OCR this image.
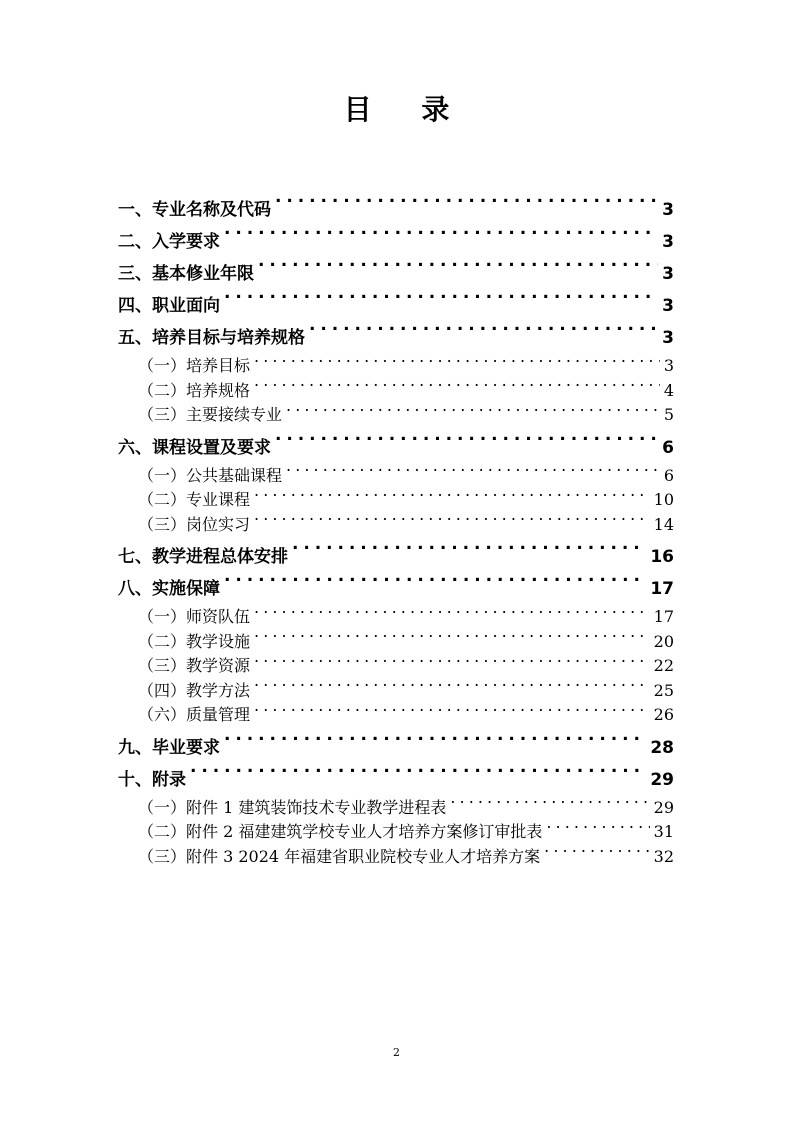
目 录
一、专业名称及代码 . . .	3
二、入学要求 . . .	3
三、基本修业年限 . . .	3
四、职业面向 . . .	3
五、培养目标与培养规格 . . .	3
（一）培养目标 . . .	3
（二）培养规格 . . .	4
（三）主要接续专业 . . .	5
六、课程设置及要求 . . .	6
（一）公共基础课程 . . .	6
（二）专业课程 . . .	10
（三）岗位实习 . . .	14
七、教学进程总体安排 . . .	16
八、实施保障 . . .	17
（一）师资队伍 . . .	17
（二）教学设施 . . .	20
（三）教学资源 . . .	22
（四）教学方法 . . .	25
（六）质量管理 . . .	26
九、毕业要求 . . .	28
十、附录 . . .	29
（一）附件 1 建筑装饰技术专业教学进程表 . . .	29
（二）附件 2 福建建筑学校专业人才培养方案修订审批表 . . .	31
（三）附件 3 2024 年福建省职业院校专业人才培养方案 . . .	32
2
